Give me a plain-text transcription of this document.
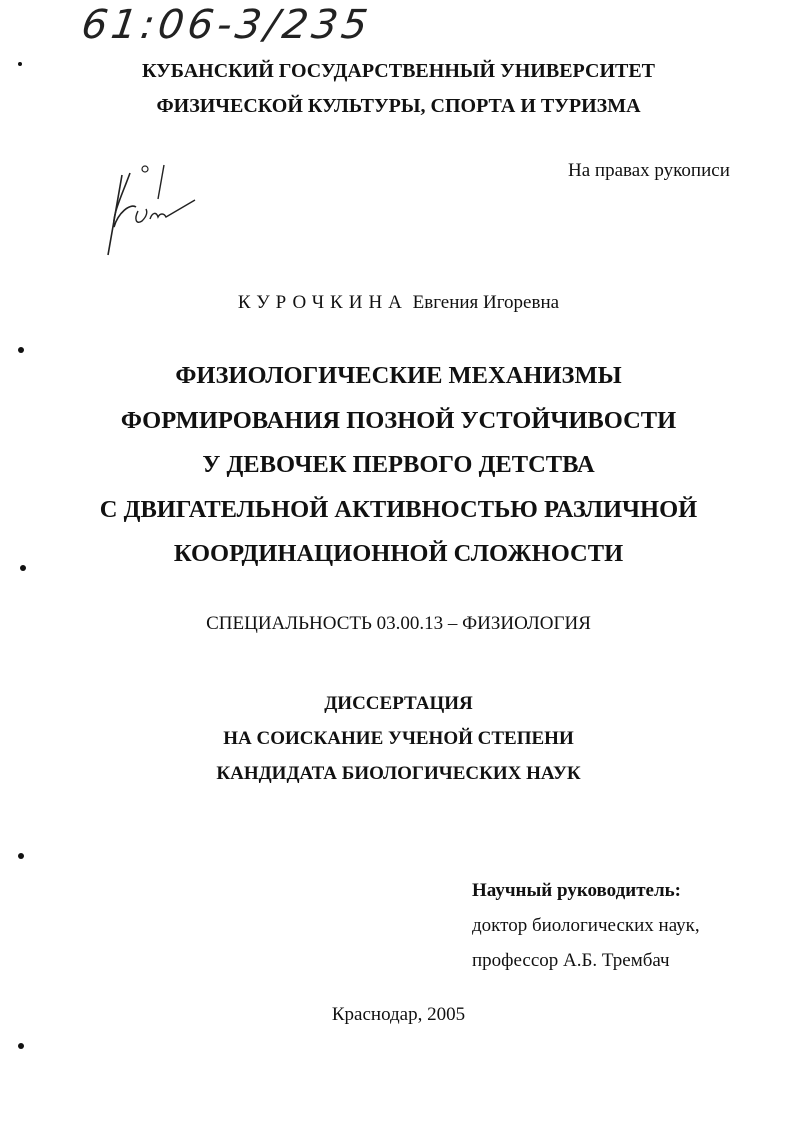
61:06-3/235
КУБАНСКИЙ ГОСУДАРСТВЕННЫЙ УНИВЕРСИТЕТ
ФИЗИЧЕСКОЙ КУЛЬТУРЫ, СПОРТА И ТУРИЗМА
На правах рукописи
КУРОЧКИНА Евгения Игоревна
ФИЗИОЛОГИЧЕСКИЕ МЕХАНИЗМЫ
ФОРМИРОВАНИЯ ПОЗНОЙ УСТОЙЧИВОСТИ
У ДЕВОЧЕК ПЕРВОГО ДЕТСТВА
С ДВИГАТЕЛЬНОЙ АКТИВНОСТЬЮ РАЗЛИЧНОЙ
КООРДИНАЦИОННОЙ СЛОЖНОСТИ
СПЕЦИАЛЬНОСТЬ 03.00.13 – ФИЗИОЛОГИЯ
ДИССЕРТАЦИЯ
НА СОИСКАНИЕ УЧЕНОЙ СТЕПЕНИ
КАНДИДАТА БИОЛОГИЧЕСКИХ НАУК
Научный руководитель:
доктор биологических наук,
профессор А.Б. Трембач
Краснодар, 2005
